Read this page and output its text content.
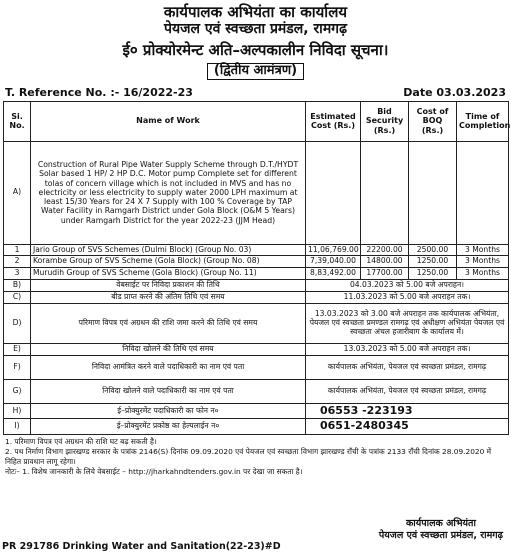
कार्यपालक अभियंता का कार्यालय
पेयजल एवं स्वच्छता प्रमंडल, रामगढ़
ई० प्रोक्योरमेन्ट अति–अल्पकालीन निविदा सूचना।
(द्वितीय आमंत्रण)
T. Reference No. :- 16/2022-23	Date 03.03.2023
Si. No.	Name of Work	Estimated Cost (Rs.)	Bid Security (Rs.)	Cost of BOQ (Rs.)	Time of Completion
A)	Construction of Rural Pipe Water Supply Scheme through D.T./HYDT Solar based 1 HP/ 2 HP D.C. Motor pump Complete set for different tolas of concern village which is not included in MVS and has no electricity or less electricity to supply water 2000 LPH maximum at least 15/30 Years for 24 X 7 Supply with 100 % Coverage by TAP Water Facility in Ramgarh District under Gola Block (O&M 5 Years) under Ramgarh District for the year 2022-23 (JJM Head)				
1	Jario Group of SVS Schemes (Dulmi Block) (Group No. 03)	11,06,769.00	22200.00	2500.00	3 Months
2	Koramb​e Group of SVS Scheme (Gola Block) (Group No. 08)	7,39,040.00	14800.00	1250.00	3 Months
3	Murudih Group of SVS Scheme (Gola Block) (Group No. 11)	8,83,492.00	17700.00	1250.00	3 Months
B)	वेबसाईट पर निविदा प्रकाशन की तिथि	04.03.2023 को 5.00 बजे अपराहन।			
C)	बीड प्राप्त करने की अंतिम तिथि एवं समय	11.03.2023 को 5.00 बजे अपराहन तक।			
D)	परिमाण विपत्र एवं अग्रधन की राशि जमा करने की तिथि एवं समय	13.03.2023 को 3.00 बजे अपराहन तक कार्यपालक अभियंता, पेयजल एवं स्वच्छता प्रमण्डल रामगढ़ एवं अधीक्षण अभियंता पेयजल एवं स्वच्छता अंचल हजारीबाग के कार्यालय में।			
E)	निविदा खोलने की तिथि एवं समय	13.03.2023 को 5.00 बजे अपराहन तक।			
F)	निविदा आमंत्रित करने वाले पदाधिकारी का नाम एवं पता	कार्यपालक अभियंता, पेयजल एवं स्वच्छता प्रमंडल, रामगढ़			
G)	निविदा खोलने वाले पदाधिकारी का नाम एवं पता	कार्यपालक अभियंता, पेयजल एवं स्वच्छता प्रमंडल, रामगढ़			
H)	ई–प्रोक्युरमेंट पदाधिकारी का फोन न०	06553 -223193			
I)	ई–प्रोक्युरमेंट प्रकोष्ठ का हेल्पलाईन न०	0651-2480345			
1. परिमाण विपत्र एवं अग्रधन की राशि घट बढ़ सकती है।
2. पथ निर्माण विभाग झारखण्ड सरकार के पत्रांक 2146(S) दिनांक 09.09.2020 एवं पेयजल एवं स्वच्छता विभाग झारखण्ड राँची के पत्रांक 2133 राँची दिनांक 28.09.2020 में निहित प्रावधान लागू रहेगा।
नोटः– 1. विशेष जानकारी के लिये वेबसाईट – http://jharkahndtenders.gov.in पर देखा जा सकता है।
कार्यपालक अभियंता
पेयजल एवं स्वच्छता प्रमंडल, रामगढ़
PR 291786 Drinking Water and Sanitation(22-23)#D
